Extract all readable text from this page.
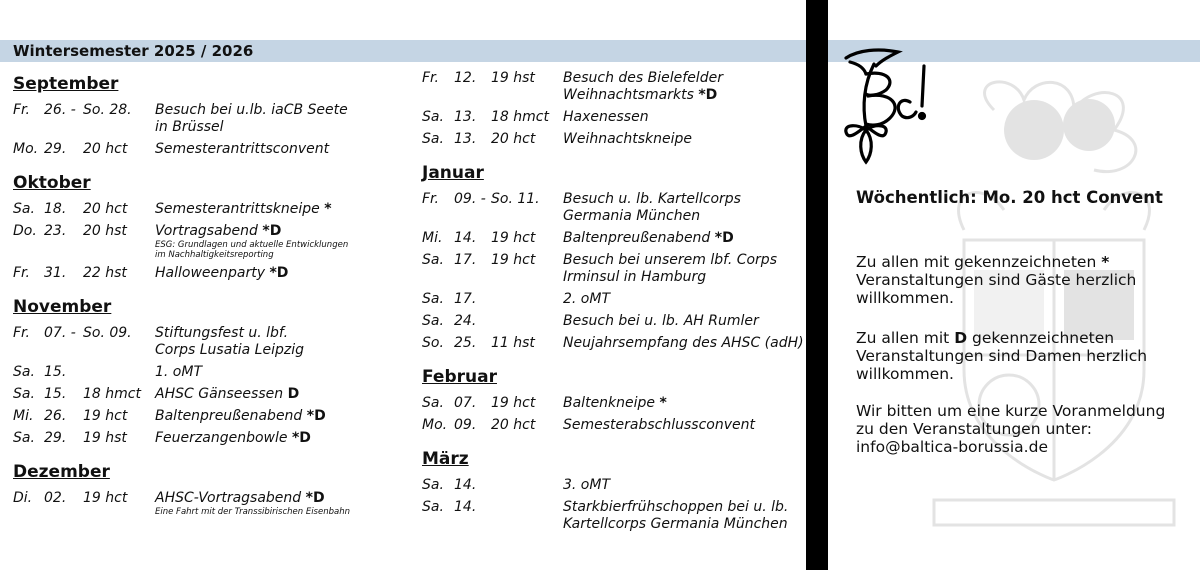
Wintersemester 2025 / 2026
September
Fr. 26. - So. 28. Besuch bei u.lb. iaCB Seete
in Brüssel
Mo. 29. 20 hct Semesterantrittsconvent
Oktober
Sa. 18. 20 hct Semesterantrittskneipe *
Do. 23. 20 hst Vortragsabend *D
ESG: Grundlagen und aktuelle Entwicklungen
im Nachhaltigkeitsreporting
Fr. 31. 22 hst Halloweenparty *D
November
Fr. 07. - So. 09. Stiftungsfest u. lbf.
Corps Lusatia Leipzig
Sa. 15.	1. oMT
Sa. 15. 18 hmct AHSC Gänseessen D
Mi. 26. 19 hct Baltenpreußenabend *D
Sa. 29. 19 hst Feuerzangenbowle *D
Dezember
Di. 02. 19 hct AHSC-Vortragsabend *D
Eine Fahrt mit der Transsibirischen Eisenbahn
Fr. 12. 19 hst Besuch des Bielefelder
Weihnachtsmarkts *D
Sa. 13. 18 hmct Haxenessen
Sa. 13. 20 hct Weihnachtskneipe
Januar
Fr. 09. - So. 11. Besuch u. lb. Kartellcorps
Germania München
Mi. 14. 19 hct Baltenpreußenabend *D
Sa. 17. 19 hct Besuch bei unserem lbf. Corps
Irminsul in Hamburg
Sa. 17.	2. oMT
Sa. 24.	Besuch bei u. lb. AH Rumler
So. 25. 11 hst Neujahrsempfang des AHSC (adH)
Februar
Sa. 07. 19 hct Baltenkneipe *
Mo. 09. 20 hct Semesterabschlussconvent
März
Sa. 14.	3. oMT
Sa. 14.	Starkbierfrühschoppen bei u. lb.
Kartellcorps Germania München
Wöchentlich: Mo. 20 hct Convent
Zu allen mit gekennzeichneten * Veranstaltungen sind Gäste herzlich willkommen.
Zu allen mit D gekennzeichneten Veranstaltungen sind Damen herzlich willkommen.
Wir bitten um eine kurze Voranmeldung zu den Veranstaltungen unter:
info@baltica-borussia.de
